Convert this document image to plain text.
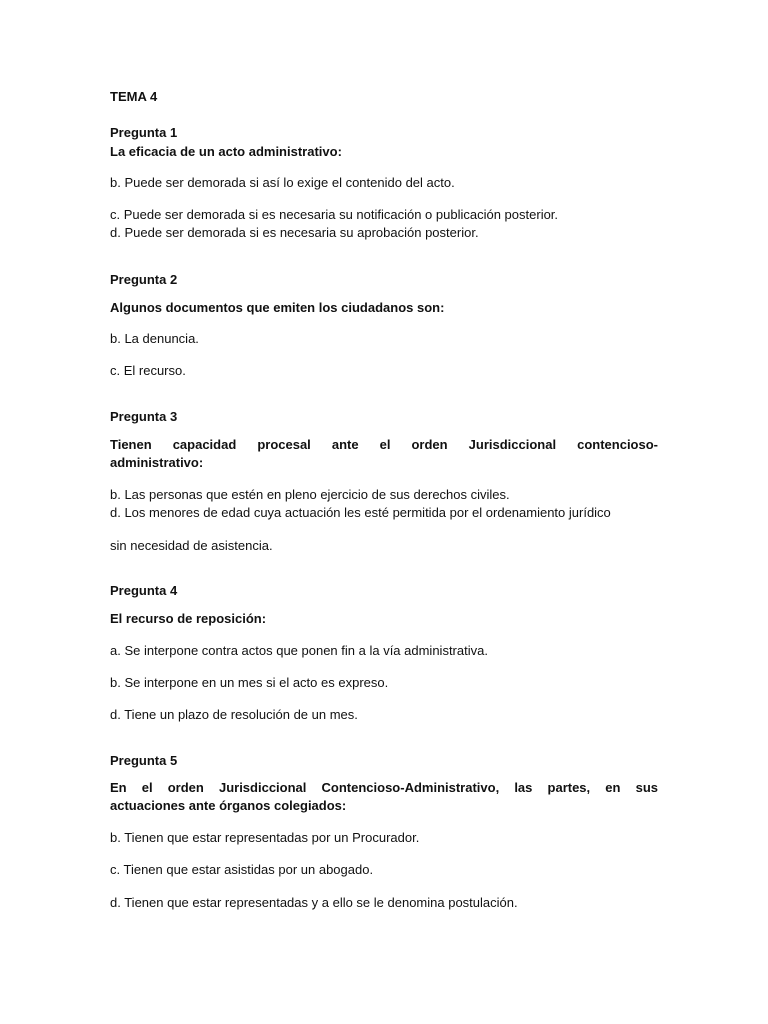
TEMA 4
Pregunta 1
La eficacia de un acto administrativo:
b. Puede ser demorada si así lo exige el contenido del acto.
c. Puede ser demorada si es necesaria su notificación o publicación posterior.
d. Puede ser demorada si es necesaria su aprobación posterior.
Pregunta 2
Algunos documentos que emiten los ciudadanos son:
b. La denuncia.
c. El recurso.
Pregunta 3
Tienen capacidad procesal ante el orden Jurisdiccional contencioso-
administrativo:
b. Las personas que estén en pleno ejercicio de sus derechos civiles.
d. Los menores de edad cuya actuación les esté permitida por el ordenamiento jurídico
sin necesidad de asistencia.
Pregunta 4
El recurso de reposición:
a. Se interpone contra actos que ponen fin a la vía administrativa.
b. Se interpone en un mes si el acto es expreso.
d. Tiene un plazo de resolución de un mes.
Pregunta 5
En el orden Jurisdiccional Contencioso-Administrativo, las partes, en sus
actuaciones ante órganos colegiados:
b. Tienen que estar representadas por un Procurador.
c. Tienen que estar asistidas por un abogado.
d. Tienen que estar representadas y a ello se le denomina postulación.
